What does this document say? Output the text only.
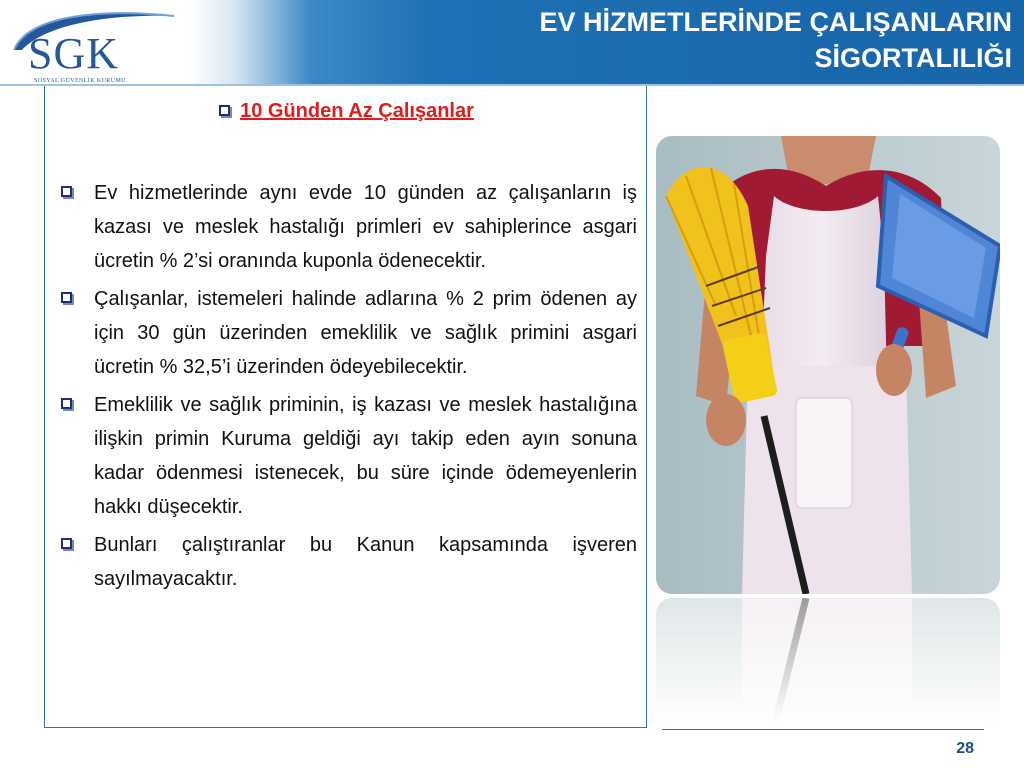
SGK
SOSYAL GÜVENLİK KURUMU
EV HİZMETLERİNDE ÇALIŞANLARIN
SİGORTALILIĞI
10 Günden Az Çalışanlar
Ev hizmetlerinde aynı evde 10 günden az çalışanların iş kazası ve meslek hastalığı primleri ev sahiplerince asgari ücretin % 2’si oranında kuponla ödenecektir.
Çalışanlar, istemeleri halinde adlarına % 2 prim ödenen ay için 30 gün üzerinden emeklilik ve sağlık primini asgari ücretin % 32,5’i üzerinden ödeyebilecektir.
Emeklilik ve sağlık priminin, iş kazası ve meslek hastalığına ilişkin primin Kuruma geldiği ayı takip eden ayın sonuna kadar ödenmesi istenecek, bu süre içinde ödemeyenlerin hakkı düşecektir.
Bunları çalıştıranlar bu Kanun kapsamında işveren sayılmayacaktır.
28
